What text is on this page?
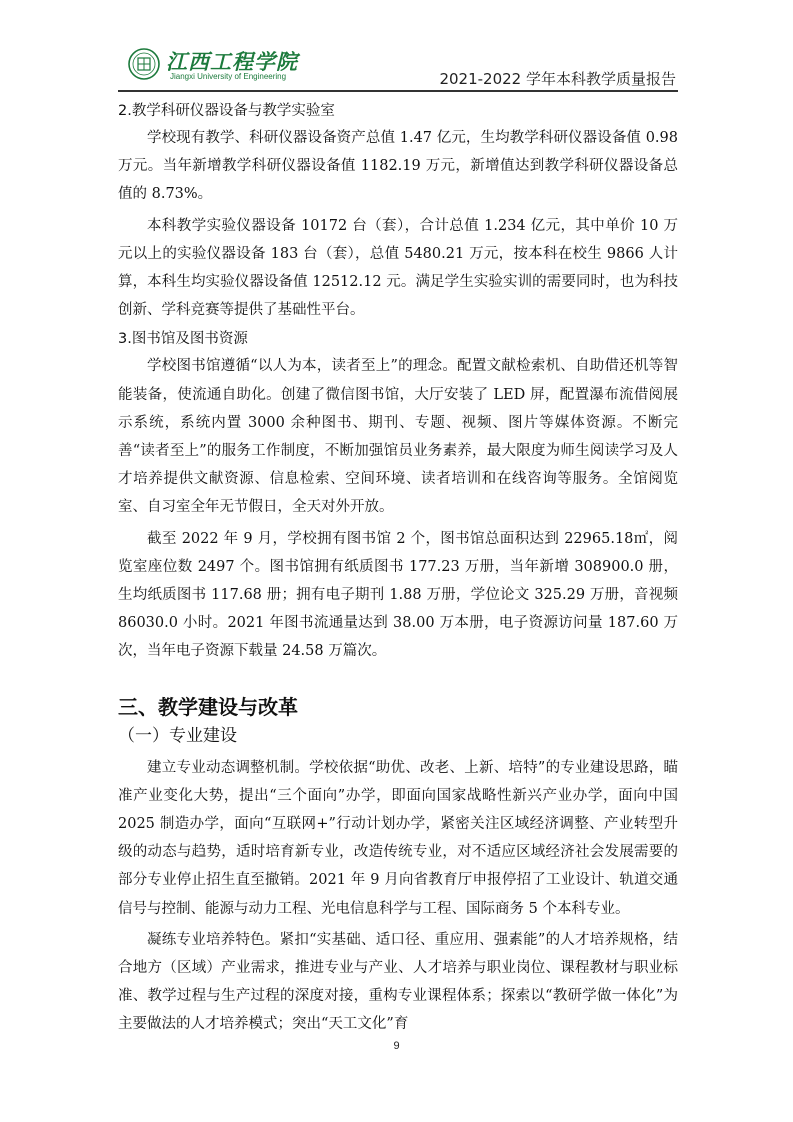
江西工程学院
Jiangxi University of Engineering	2021-2022 学年本科教学质量报告

2.教学科研仪器设备与教学实验室

学校现有教学、科研仪器设备资产总值 1.47 亿元，生均教学科研仪器设备值 0.98 万元。当年新增教学科研仪器设备值 1182.19 万元，新增值达到教学科研仪器设备总值的 8.73%。

本科教学实验仪器设备 10172 台（套），合计总值 1.234 亿元，其中单价 10 万元以上的实验仪器设备 183 台（套），总值 5480.21 万元，按本科在校生 9866 人计算，本科生均实验仪器设备值 12512.12 元。满足学生实验实训的需要同时，也为科技创新、学科竞赛等提供了基础性平台。

3.图书馆及图书资源

学校图书馆遵循“以人为本，读者至上”的理念。配置文献检索机、自助借还机等智能装备，使流通自助化。创建了微信图书馆，大厅安装了 LED 屏，配置瀑布流借阅展示系统，系统内置 3000 余种图书、期刊、专题、视频、图片等媒体资源。不断完善“读者至上”的服务工作制度，不断加强馆员业务素养，最大限度为师生阅读学习及人才培养提供文献资源、信息检索、空间环境、读者培训和在线咨询等服务。全馆阅览室、自习室全年无节假日，全天对外开放。

截至 2022 年 9 月，学校拥有图书馆 2 个，图书馆总面积达到 22965.18㎡，阅览室座位数 2497 个。图书馆拥有纸质图书 177.23 万册，当年新增 308900.0 册，生均纸质图书 117.68 册；拥有电子期刊 1.88 万册，学位论文 325.29 万册，音视频 86030.0 小时。2021 年图书流通量达到 38.00 万本册，电子资源访问量 187.60 万次，当年电子资源下载量 24.58 万篇次。

三、教学建设与改革

（一）专业建设

建立专业动态调整机制。学校依据“助优、改老、上新、培特”的专业建设思路，瞄准产业变化大势，提出“三个面向”办学，即面向国家战略性新兴产业办学，面向中国 2025 制造办学，面向“互联网+”行动计划办学，紧密关注区域经济调整、产业转型升级的动态与趋势，适时培育新专业，改造传统专业，对不适应区域经济社会发展需要的部分专业停止招生直至撤销。2021 年 9 月向省教育厅申报停招了工业设计、轨道交通信号与控制、能源与动力工程、光电信息科学与工程、国际商务 5 个本科专业。

凝练专业培养特色。紧扣“实基础、适口径、重应用、强素能”的人才培养规格，结合地方（区域）产业需求，推进专业与产业、人才培养与职业岗位、课程教材与职业标准、教学过程与生产过程的深度对接，重构专业课程体系；探索以“教研学做一体化”为主要做法的人才培养模式；突出“天工文化”育

9
